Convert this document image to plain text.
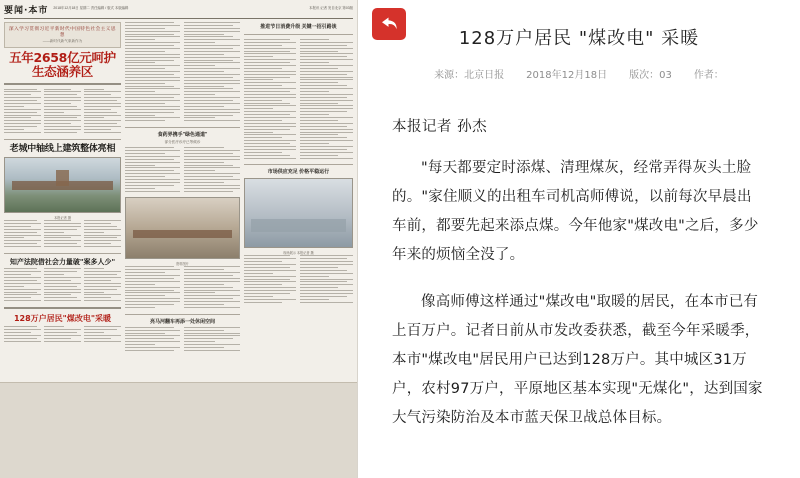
要闻·本市 2018年12月18日 星期二 责任编辑 / 版式 本版编辑	本报讯 记者 发自北京 第03版
深入学习贯彻习近平新时代中国特色社会主义思想
——新时代新气象新作为
五年2658亿元呵护生态涵养区
老城中轴线上建筑整体亮相
本报记者 摄
知产法院借社会力量破"案多人少"
128万户居民"煤改电"采暖
食药界携手"绿色通道"
部分医疗诊疗已等候诊
资料图片
亮马河翻车再添一处休闲空间
推进节日消费升级 关键一招引路谈
市场供应充足 价格平稳运行
现场展示 本报记者 摄
128万户居民 "煤改电" 采暖
来源：北京日报 2018年12月18日 版次：03 作者：
本报记者 孙杰

"每天都要定时添煤、清理煤灰，经常弄得灰头土脸的。"家住顺义的出租车司机高师傅说，以前每次早晨出车前，都要先起来添点煤。今年他家"煤改电"之后，多少年来的烦恼全没了。

像高师傅这样通过"煤改电"取暖的居民，在本市已有上百万户。记者日前从市发改委获悉，截至今年采暖季，本市"煤改电"居民用户已达到128万户。其中城区31万户，农村97万户，平原地区基本实现"无煤化"，达到国家大气污染防治及本市蓝天保卫战总体目标。
